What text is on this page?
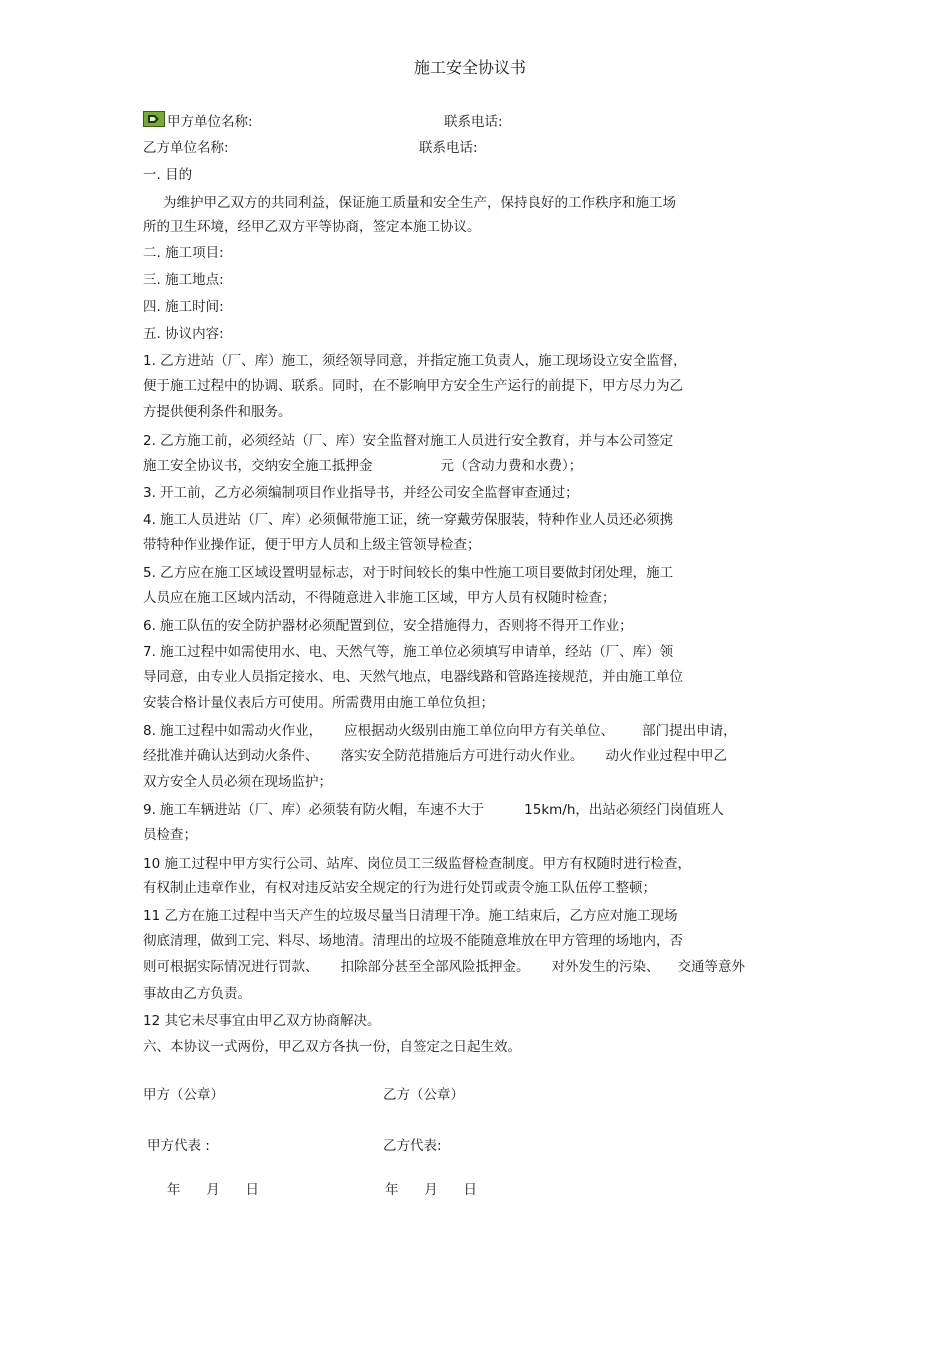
施工安全协议书
甲方单位名称:	联系电话:
乙方单位名称:	联系电话:
一. 目的
为维护甲乙双方的共同利益，保证施工质量和安全生产，保持良好的工作秩序和施工场
所的卫生环境，经甲乙双方平等协商，签定本施工协议。
二. 施工项目:
三. 施工地点:
四. 施工时间:
五. 协议内容:
1. 乙方进站（厂、库）施工，须经领导同意，并指定施工负责人，施工现场设立安全监督，
便于施工过程中的协调、联系。同时，在不影响甲方安全生产运行的前提下，甲方尽力为乙
方提供便利条件和服务。
2. 乙方施工前，必须经站（厂、库）安全监督对施工人员进行安全教育，并与本公司签定
施工安全协议书，交纳安全施工抵押金	元（含动力费和水费）；
3. 开工前，乙方必须编制项目作业指导书，并经公司安全监督审查通过；
4. 施工人员进站（厂、库）必须佩带施工证，统一穿戴劳保服装，特种作业人员还必须携
带特种作业操作证，便于甲方人员和上级主管领导检查；
5. 乙方应在施工区域设置明显标志，对于时间较长的集中性施工项目要做封闭处理，施工
人员应在施工区域内活动，不得随意进入非施工区域，甲方人员有权随时检查；
6. 施工队伍的安全防护器材必须配置到位，安全措施得力，否则将不得开工作业；
7. 施工过程中如需使用水、电、天然气等，施工单位必须填写申请单，经站（厂、库）领
导同意，由专业人员指定接水、电、天然气地点，电器线路和管路连接规范，并由施工单位
安装合格计量仪表后方可使用。所需费用由施工单位负担；
8. 施工过程中如需动火作业， 应根据动火级别由施工单位向甲方有关单位、 部门提出申请，
经批准并确认达到动火条件、 落实安全防范措施后方可进行动火作业。 动火作业过程中甲乙
双方安全人员必须在现场监护；
9. 施工车辆进站（厂、库）必须装有防火帽，车速不大于	15km/h，出站必须经门岗值班人
员检查；
10 施工过程中甲方实行公司、站库、岗位员工三级监督检查制度。甲方有权随时进行检查，
有权制止违章作业，有权对违反站安全规定的行为进行处罚或责令施工队伍停工整顿；
11 乙方在施工过程中当天产生的垃圾尽量当日清理干净。施工结束后，乙方应对施工现场
彻底清理，做到工完、料尽、场地清。清理出的垃圾不能随意堆放在甲方管理的场地内，否
则可根据实际情况进行罚款、 扣除部分甚至全部风险抵押金。 对外发生的污染、 交通等意外
事故由乙方负责。
12 其它未尽事宜由甲乙双方协商解决。
六、本协议一式两份，甲乙双方各执一份，自签定之日起生效。
甲方（公章）	乙方（公章）
甲方代表 :	乙方代表:
年      月      日	年      月      日
